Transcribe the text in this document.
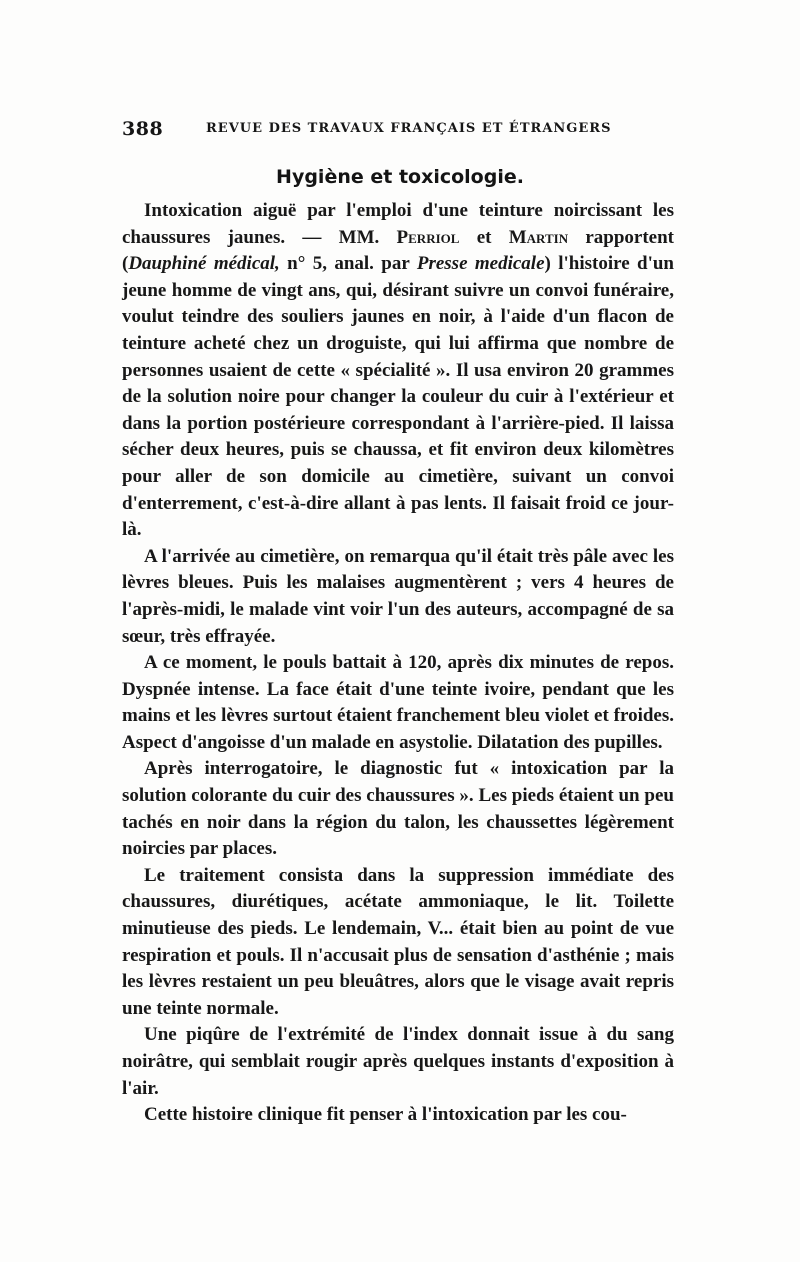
388	REVUE DES TRAVAUX FRANÇAIS ET ÉTRANGERS
Hygiène et toxicologie.

Intoxication aiguë par l'emploi d'une teinture noircissant les chaussures jaunes. — MM. Perriol et Martin rapportent (Dauphiné médical, n° 5, anal. par Presse medicale) l'histoire d'un jeune homme de vingt ans, qui, désirant suivre un convoi funéraire, voulut teindre des souliers jaunes en noir, à l'aide d'un flacon de teinture acheté chez un droguiste, qui lui affirma que nombre de personnes usaient de cette « spécialité ». Il usa environ 20 grammes de la solution noire pour changer la couleur du cuir à l'extérieur et dans la portion postérieure correspondant à l'arrière-pied. Il laissa sécher deux heures, puis se chaussa, et fit environ deux kilomètres pour aller de son domicile au cimetière, suivant un convoi d'enterrement, c'est-à-dire allant à pas lents. Il faisait froid ce jour-là.

A l'arrivée au cimetière, on remarqua qu'il était très pâle avec les lèvres bleues. Puis les malaises augmentèrent ; vers 4 heures de l'après-midi, le malade vint voir l'un des auteurs, accompagné de sa sœur, très effrayée.

A ce moment, le pouls battait à 120, après dix minutes de repos. Dyspnée intense. La face était d'une teinte ivoire, pendant que les mains et les lèvres surtout étaient franchement bleu violet et froides. Aspect d'angoisse d'un malade en asystolie. Dilatation des pupilles.

Après interrogatoire, le diagnostic fut « intoxication par la solution colorante du cuir des chaussures ». Les pieds étaient un peu tachés en noir dans la région du talon, les chaussettes légèrement noircies par places.

Le traitement consista dans la suppression immédiate des chaussures, diurétiques, acétate ammoniaque, le lit. Toilette minutieuse des pieds. Le lendemain, V... était bien au point de vue respiration et pouls. Il n'accusait plus de sensation d'asthénie ; mais les lèvres restaient un peu bleuâtres, alors que le visage avait repris une teinte normale.

Une piqûre de l'extrémité de l'index donnait issue à du sang noirâtre, qui semblait rougir après quelques instants d'exposition à l'air.

Cette histoire clinique fit penser à l'intoxication par les cou-
